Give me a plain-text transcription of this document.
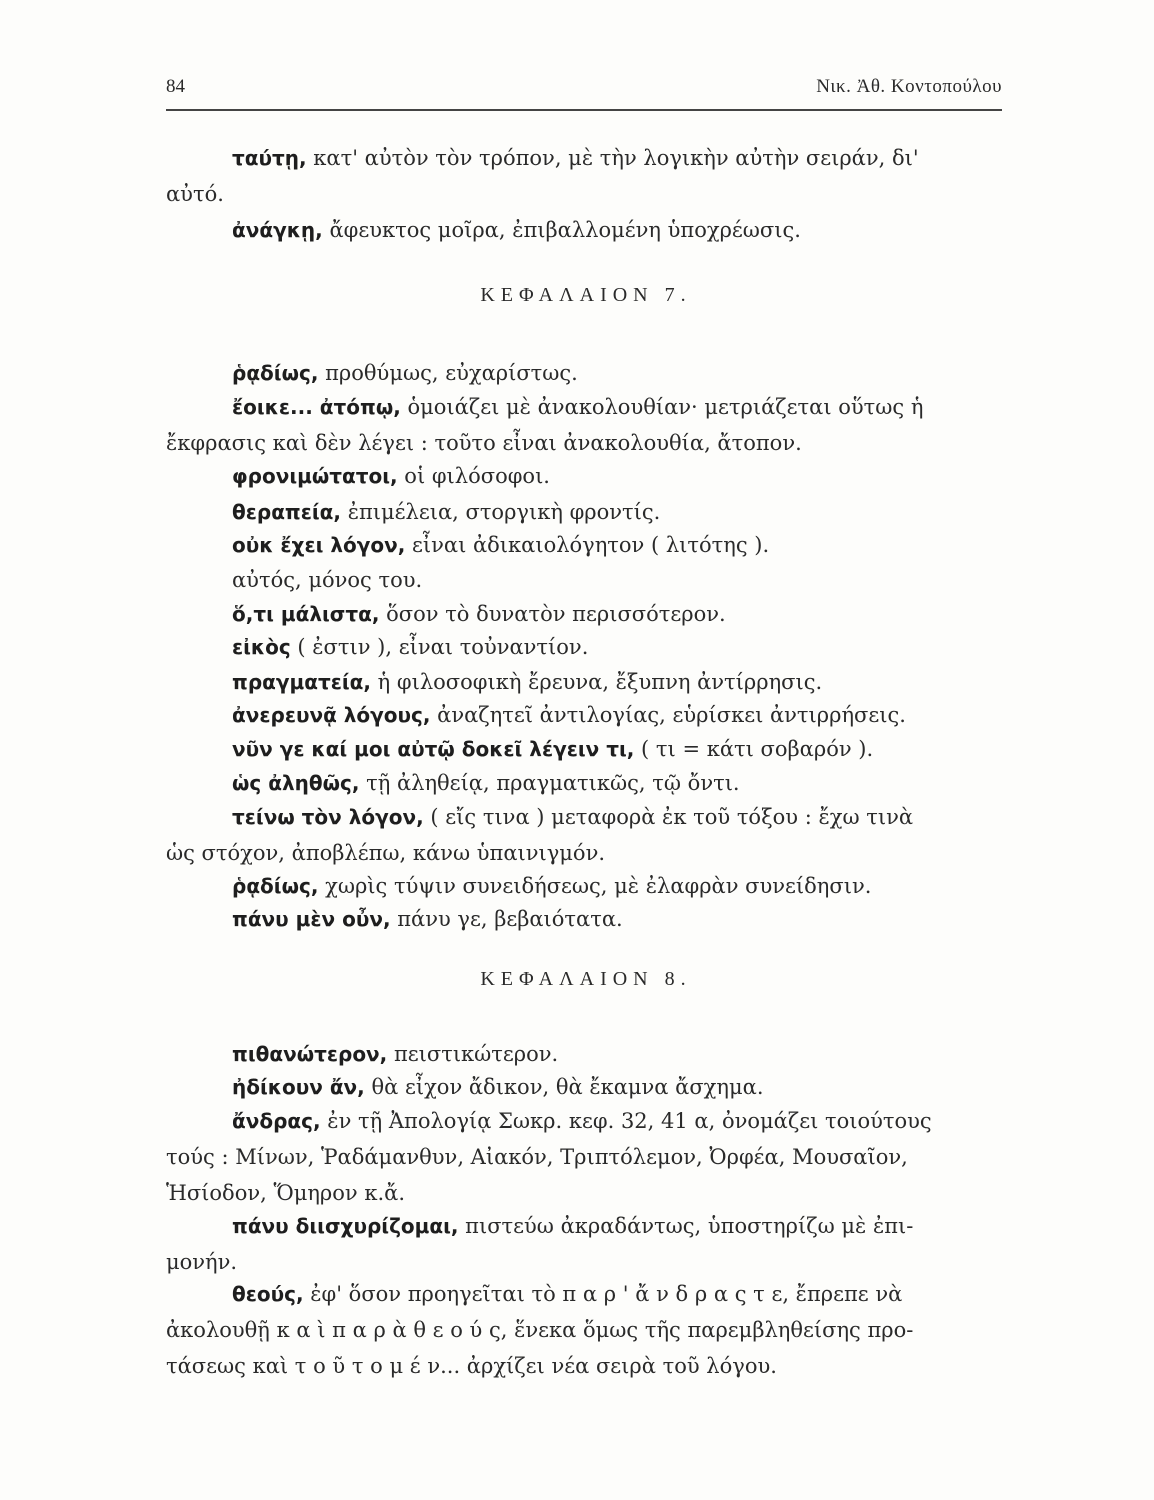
84	Νικ. Ἀθ. Κοντοπούλου
ταύτῃ, κατ' αὐτὸν τὸν τρόπον, μὲ τὴν λογικὴν αὐτὴν σειράν, δι'
αὐτό.
ἀνάγκῃ, ἄφευκτος μοῖρα, ἐπιβαλλομένη ὑποχρέωσις.
ΚΕΦΑΛΑΙΟΝ 7.
ῥᾳδίως, προθύμως, εὐχαρίστως.
ἔοικε... ἀτόπῳ, ὁμοιάζει μὲ ἀνακολουθίαν· μετριάζεται οὕτως ἡ
ἔκφρασις καὶ δὲν λέγει : τοῦτο εἶναι ἀνακολουθία, ἄτοπον.
φρονιμώτατοι, οἱ φιλόσοφοι.
θεραπεία, ἐπιμέλεια, στοργικὴ φροντίς.
οὐκ ἔχει λόγον, εἶναι ἀδικαιολόγητον ( λιτότης ).
αὐτός, μόνος του.
ὅ,τι μάλιστα, ὅσον τὸ δυνατὸν περισσότερον.
εἰκὸς ( ἐστιν ), εἶναι τοὐναντίον.
πραγματεία, ἡ φιλοσοφικὴ ἔρευνα, ἔξυπνη ἀντίρρησις.
ἀνερευνᾷ λόγους, ἀναζητεῖ ἀντιλογίας, εὑρίσκει ἀντιρρήσεις.
νῦν γε καί μοι αὐτῷ δοκεῖ λέγειν τι, ( τι = κάτι σοβαρόν ).
ὡς ἀληθῶς, τῇ ἀληθείᾳ, πραγματικῶς, τῷ ὄντι.
τείνω τὸν λόγον, ( εἴς τινα ) μεταφορὰ ἐκ τοῦ τόξου : ἔχω τινὰ
ὡς στόχον, ἀποβλέπω, κάνω ὑπαινιγμόν.
ῥᾳδίως, χωρὶς τύψιν συνειδήσεως, μὲ ἐλαφρὰν συνείδησιν.
πάνυ μὲν οὖν, πάνυ γε, βεβαιότατα.
ΚΕΦΑΛΑΙΟΝ 8.
πιθανώτερον, πειστικώτερον.
ἠδίκουν ἄν, θὰ εἶχον ἄδικον, θὰ ἔκαμνα ἄσχημα.
ἄνδρας, ἐν τῇ Ἀπολογίᾳ Σωκρ. κεφ. 32, 41 α, ὀνομάζει τοιούτους
τούς : Μίνων, Ῥαδάμανθυν, Αἰακόν, Τριπτόλεμον, Ὀρφέα, Μουσαῖον,
Ἡσίοδον, Ὅμηρον κ.ἄ.
πάνυ διισχυρίζομαι, πιστεύω ἀκραδάντως, ὑποστηρίζω μὲ ἐπι-
μονήν.
θεούς, ἐφ' ὅσον προηγεῖται τὸ π α ρ ' ἄ ν δ ρ α ς τ ε, ἔπρεπε νὰ
ἀκολουθῇ κ α ὶ π α ρ ὰ θ ε ο ύ ς, ἕνεκα ὅμως τῆς παρεμβληθείσης προ-
τάσεως καὶ τ ο ῦ τ ο μ έ ν... ἀρχίζει νέα σειρὰ τοῦ λόγου.
